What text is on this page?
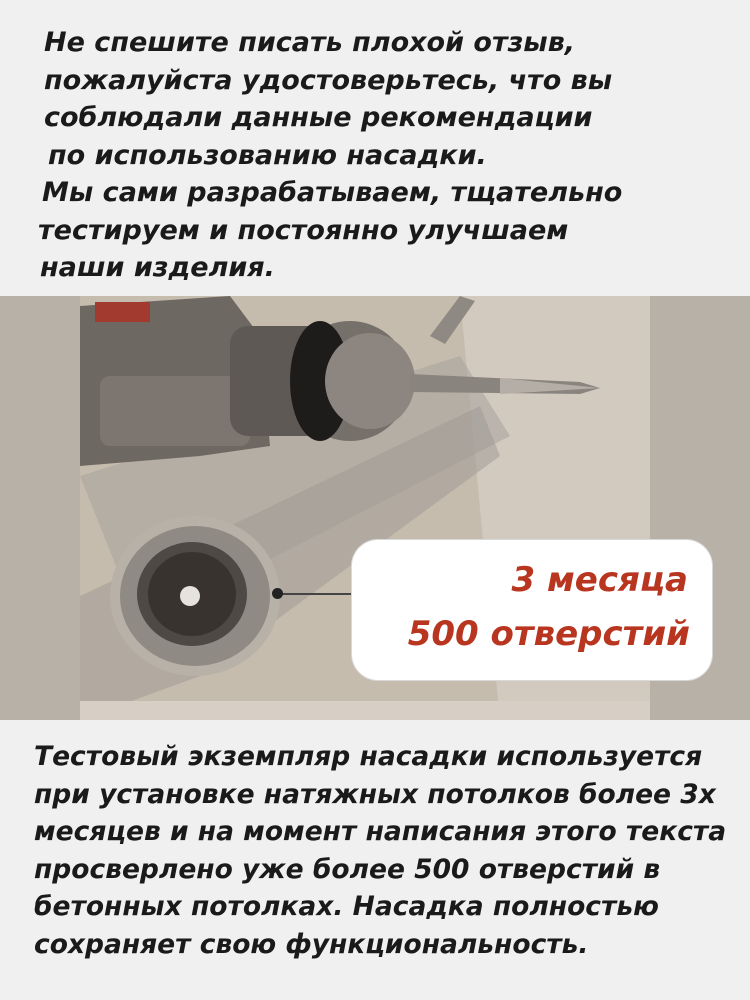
Не спешите писать плохой отзыв,
пожалуйста удостоверьтесь, что вы
соблюдали данные рекомендации
по использованию насадки.
Мы сами разрабатываем, тщательно
тестируем и постоянно улучшаем
наши изделия.
3 месяца
500 отверстий
Тестовый экземпляр насадки используется
при установке натяжных потолков более 3х
месяцев и на момент написания этого текста
просверлено уже более 500 отверстий в
бетонных потолках. Насадка полностью
сохраняет свою функциональность.
